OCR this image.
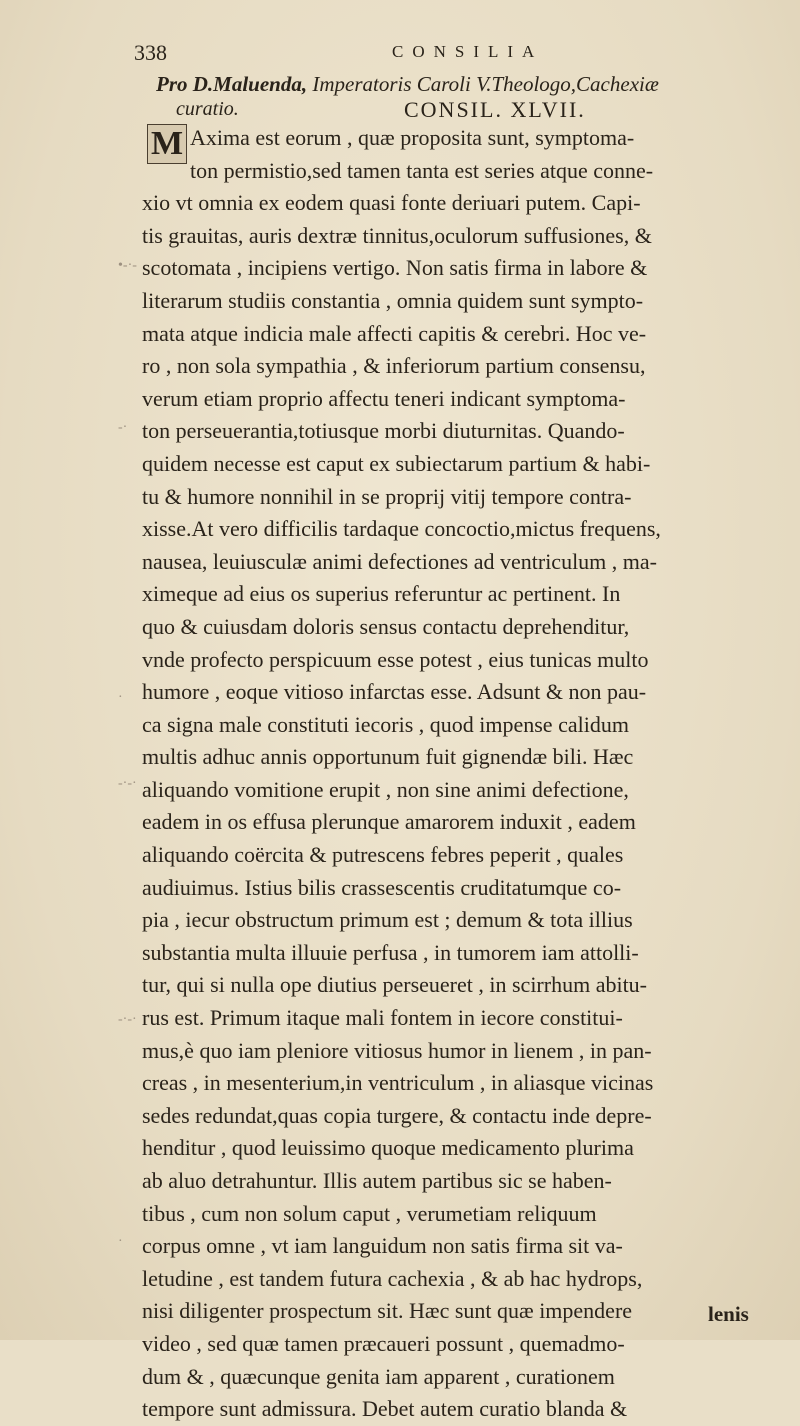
338	CONSILIA
Pro D.Maluenda, Imperatoris Caroli V.Theologo,Cachexiæ
curatio.	CONSIL. XLVII.
M Axima est eorum , quæ proposita sunt, symptoma-
ton permistio,sed tamen tanta est series atque conne-
xio vt omnia ex eodem quasi fonte deriuari putem. Capi-
tis grauitas, auris dextræ tinnitus,oculorum suffusiones, &
scotomata , incipiens vertigo. Non satis firma in labore &
literarum studiis constantia , omnia quidem sunt sympto-
mata atque indicia male affecti capitis & cerebri. Hoc ve-
ro , non sola sympathia , & inferiorum partium consensu,
verum etiam proprio affectu teneri indicant symptoma-
ton perseuerantia,totiusque morbi diuturnitas. Quando-
quidem necesse est caput ex subiectarum partium & habi-
tu & humore nonnihil in se proprij vitij tempore contra-
xisse.At vero difficilis tardaque concoctio,mictus frequens,
nausea, leuiusculæ animi defectiones ad ventriculum , ma-
ximeque ad eius os superius referuntur ac pertinent. In
quo & cuiusdam doloris sensus contactu deprehenditur,
vnde profecto perspicuum esse potest , eius tunicas multo
humore , eoque vitioso infarctas esse. Adsunt & non pau-
ca signa male constituti iecoris , quod impense calidum
multis adhuc annis opportunum fuit gignendæ bili. Hæc
aliquando vomitione erupit , non sine animi defectione,
eadem in os effusa plerunque amarorem induxit , eadem
aliquando coërcita & putrescens febres peperit , quales
audiuimus. Istius bilis crassescentis cruditatumque co-
pia , iecur obstructum primum est ; demum & tota illius
substantia multa illuuie perfusa , in tumorem iam attolli-
tur, qui si nulla ope diutius perseueret , in scirrhum abitu-
rus est. Primum itaque mali fontem in iecore constitui-
mus,è quo iam pleniore vitiosus humor in lienem , in pan-
creas , in mesenterium,in ventriculum , in aliasque vicinas
sedes redundat,quas copia turgere, & contactu inde depre-
henditur , quod leuissimo quoque medicamento plurima
ab aluo detrahuntur. Illis autem partibus sic se haben-
tibus , cum non solum caput , verumetiam reliquum
corpus omne , vt iam languidum non satis firma sit va-
letudine , est tandem futura cachexia , & ab hac hydrops,
nisi diligenter prospectum sit. Hæc sunt quæ impendere
video , sed quæ tamen præcaueri possunt , quemadmo-
dum & , quæcunque genita iam apparent , curationem
tempore sunt admissura. Debet autem curatio blanda &
•-·-
-·
·
-·-·
-·-·
·
lenis
